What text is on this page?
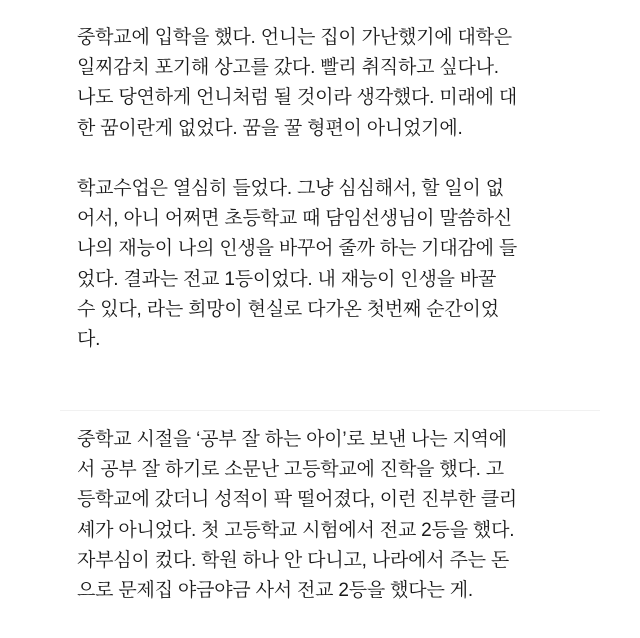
중학교에 입학을 했다. 언니는 집이 가난했기에 대학은
일찌감치 포기해 상고를 갔다. 빨리 취직하고 싶다나.
나도 당연하게 언니처럼 될 것이라 생각했다. 미래에 대
한 꿈이란게 없었다. 꿈을 꿀 형편이 아니었기에.
학교수업은 열심히 들었다. 그냥 심심해서, 할 일이 없
어서, 아니 어쩌면 초등학교 때 담임선생님이 말씀하신
나의 재능이 나의 인생을 바꾸어 줄까 하는 기대감에 들
었다. 결과는 전교 1등이었다. 내 재능이 인생을 바꿀
수 있다, 라는 희망이 현실로 다가온 첫번째 순간이었
다.
중학교 시절을 ‘공부 잘 하는 아이’로 보낸 나는 지역에
서 공부 잘 하기로 소문난 고등학교에 진학을 했다. 고
등학교에 갔더니 성적이 팍 떨어졌다, 이런 진부한 클리
셰가 아니었다. 첫 고등학교 시험에서 전교 2등을 했다.
자부심이 컸다. 학원 하나 안 다니고, 나라에서 주는 돈
으로 문제집 야금야금 사서 전교 2등을 했다는 게.
